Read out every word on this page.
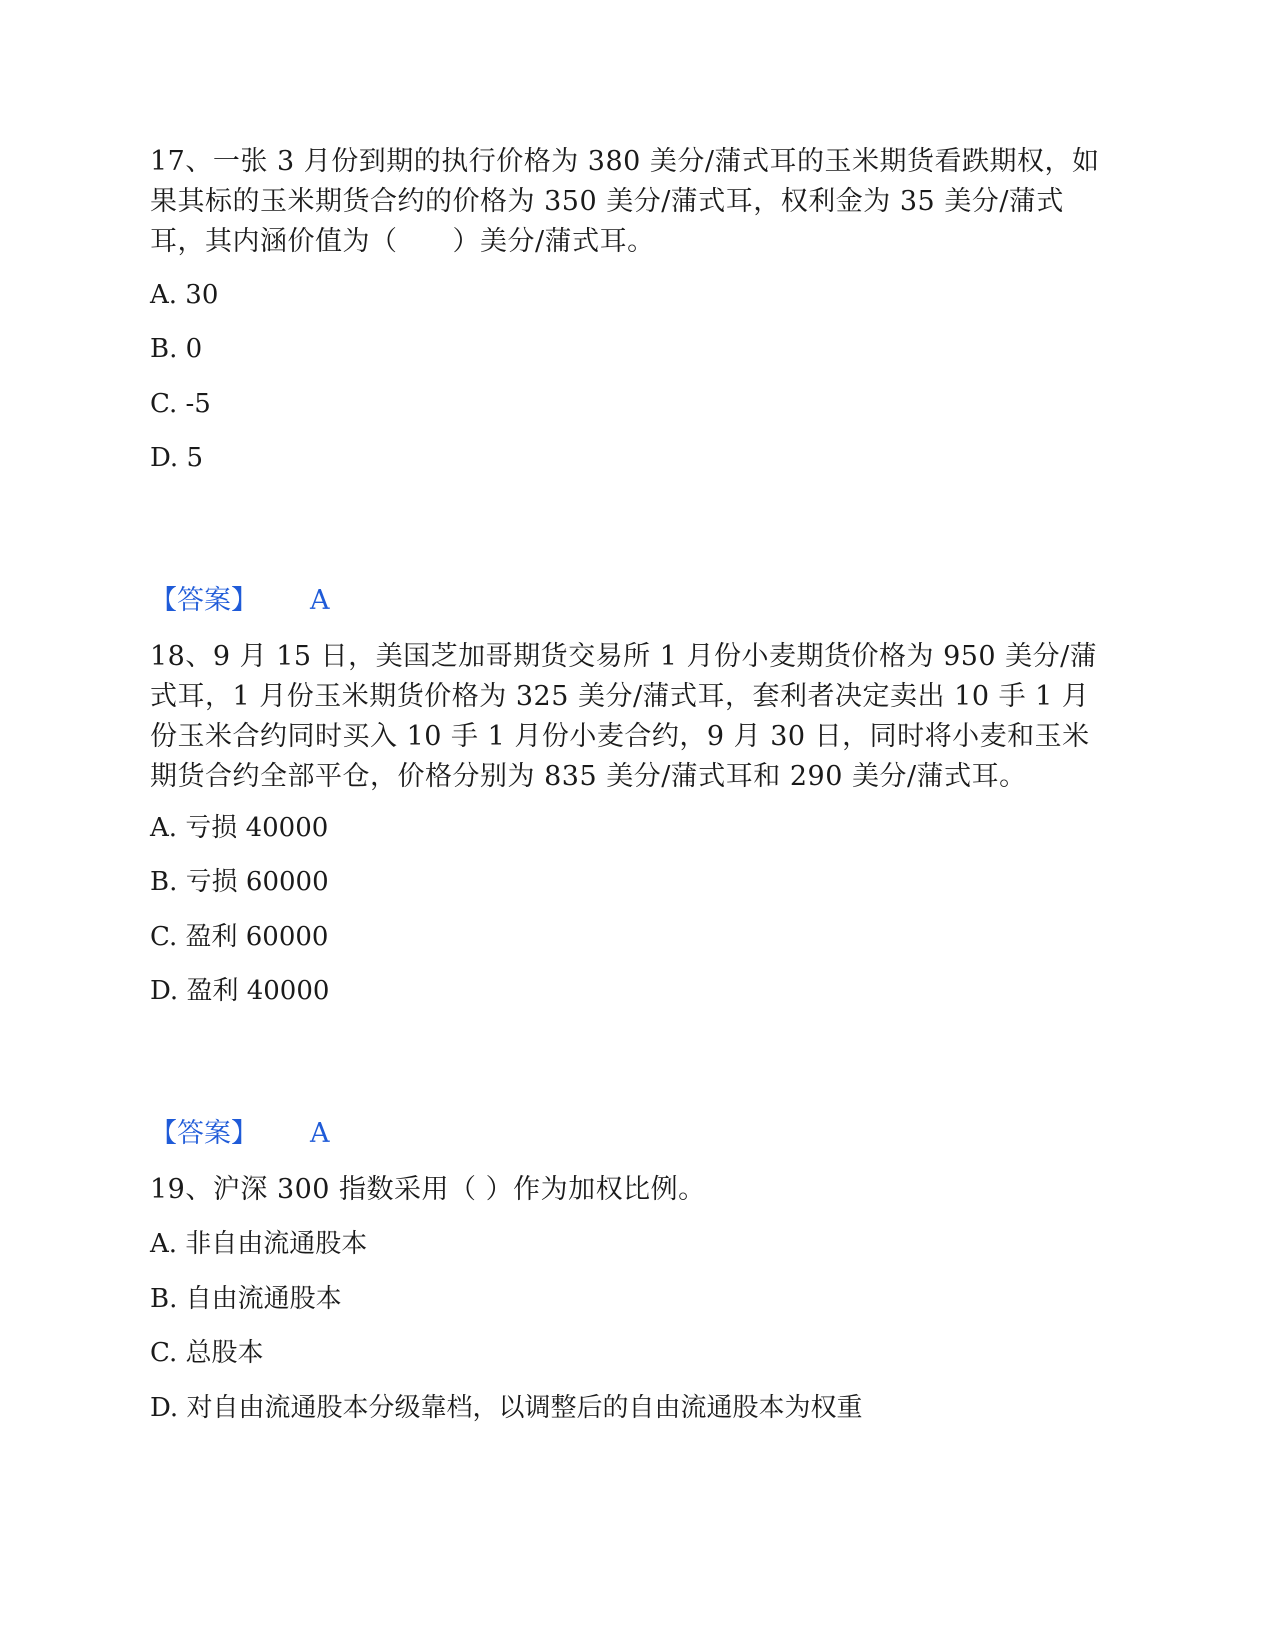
17、一张 3 月份到期的执行价格为 380 美分/蒲式耳的玉米期货看跌期权，如果其标的玉米期货合约的价格为 350 美分/蒲式耳，权利金为 35 美分/蒲式耳，其内涵价值为（　　）美分/蒲式耳。

A. 30
B. 0
C. -5
D. 5
【答案】 A

18、9 月 15 日，美国芝加哥期货交易所 1 月份小麦期货价格为 950 美分/蒲式耳，1 月份玉米期货价格为 325 美分/蒲式耳，套利者决定卖出 10 手 1 月份玉米合约同时买入 10 手 1 月份小麦合约，9 月 30 日，同时将小麦和玉米期货合约全部平仓，价格分别为 835 美分/蒲式耳和 290 美分/蒲式耳。

A. 亏损 40000
B. 亏损 60000
C. 盈利 60000
D. 盈利 40000
【答案】 A

19、沪深 300 指数采用（ ）作为加权比例。

A. 非自由流通股本
B. 自由流通股本
C. 总股本
D. 对自由流通股本分级靠档，以调整后的自由流通股本为权重
